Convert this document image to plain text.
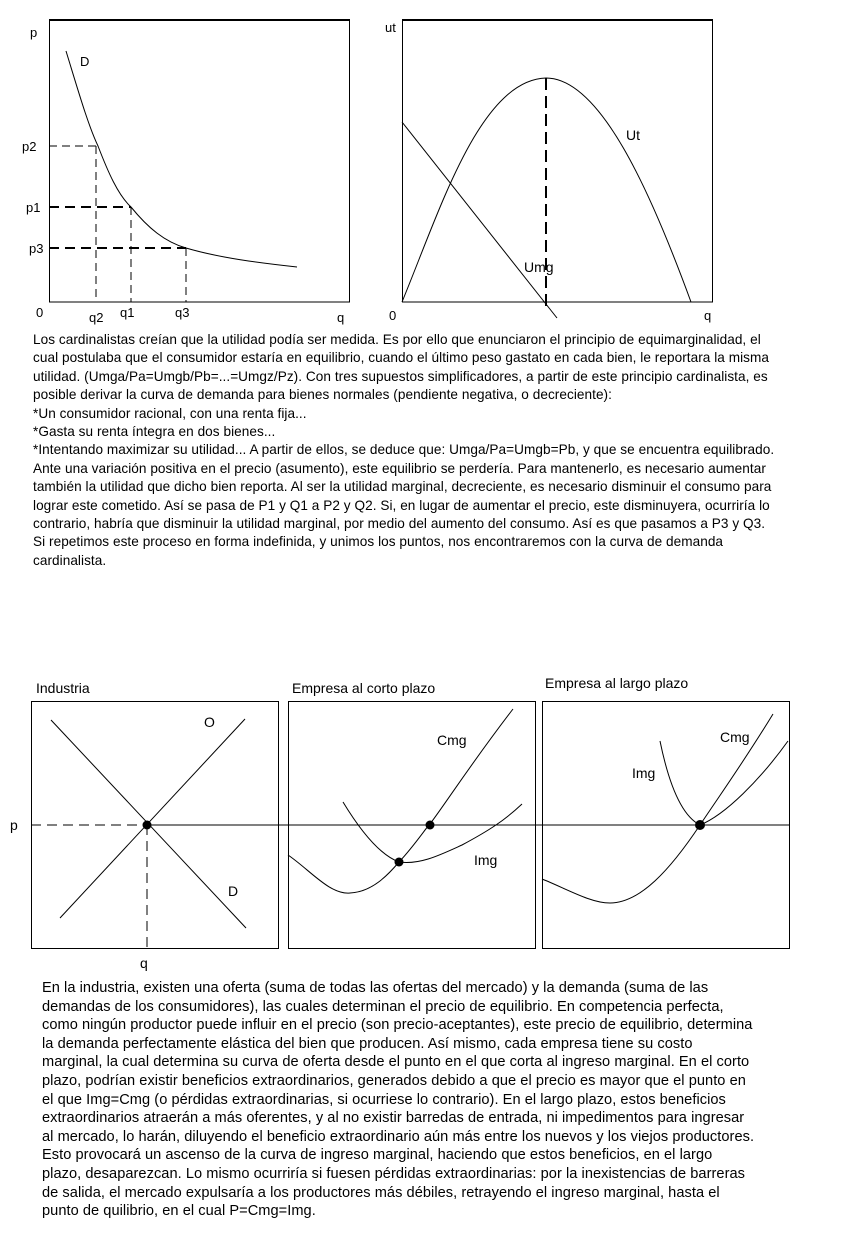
p
D
p2
p1
p3
0	q2 q1	q3	q
ut
Ut
Umg
0	q

Los cardinalistas creían que la utilidad podía ser medida. Es por ello que enunciaron el principio de equimarginalidad, el

cual postulaba que el consumidor estaría en equilibrio, cuando el último peso gastato en cada bien, le reportara la misma

utilidad. (Umga/Pa=Umgb/Pb=...=Umgz/Pz). Con tres supuestos simplificadores, a partir de este principio cardinalista, es

posible derivar la curva de demanda para bienes normales (pendiente negativa, o decreciente):

*Un consumidor racional, con una renta fija...

*Gasta su renta íntegra en dos bienes...

*Intentando maximizar su utilidad... A partir de ellos, se deduce que: Umga/Pa=Umgb=Pb, y que se encuentra equilibrado.

Ante una variación positiva en el precio (asumento), este equilibrio se perdería. Para mantenerlo, es necesario aumentar

también la utilidad que dicho bien reporta. Al ser la utilidad marginal, decreciente, es necesario disminuir el consumo para

lograr este cometido. Así se pasa de P1 y Q1 a P2 y Q2. Si, en lugar de aumentar el precio, este disminuyera, ocurriría lo

contrario, habría que disminuir la utilidad marginal, por medio del aumento del consumo. Así es que pasamos a P3 y Q3.

Si repetimos este proceso en forma indefinida, y unimos los puntos, nos encontraremos con la curva de demanda

cardinalista.

Industria	Empresa al corto plazo	Empresa al largo plazo
O
D
p
q
Cmg
Img
Cmg
Img

En la industria, existen una oferta (suma de todas las ofertas del mercado) y la demanda (suma de las

demandas de los consumidores), las cuales determinan el precio de equilibrio. En competencia perfecta,

como ningún productor puede influir en el precio (son precio-aceptantes), este precio de equilibrio, determina

la demanda perfectamente elástica del bien que producen. Así mismo, cada empresa tiene su costo

marginal, la cual determina su curva de oferta desde el punto en el que corta al ingreso marginal. En el corto

plazo, podrían existir beneficios extraordinarios, generados debido a que el precio es mayor que el punto en

el que Img=Cmg (o pérdidas extraordinarias, si ocurriese lo contrario). En el largo plazo, estos beneficios

extraordinarios atraerán a más oferentes, y al no existir barredas de entrada, ni impedimentos para ingresar

al mercado, lo harán, diluyendo el beneficio extraordinario aún más entre los nuevos y los viejos productores.

Esto provocará un ascenso de la curva de ingreso marginal, haciendo que estos beneficios, en el largo

plazo, desaparezcan. Lo mismo ocurriría si fuesen pérdidas extraordinarias: por la inexistencias de barreras

de salida, el mercado expulsaría a los productores más débiles, retrayendo el ingreso marginal, hasta el

punto de quilibrio, en el cual P=Cmg=Img.
